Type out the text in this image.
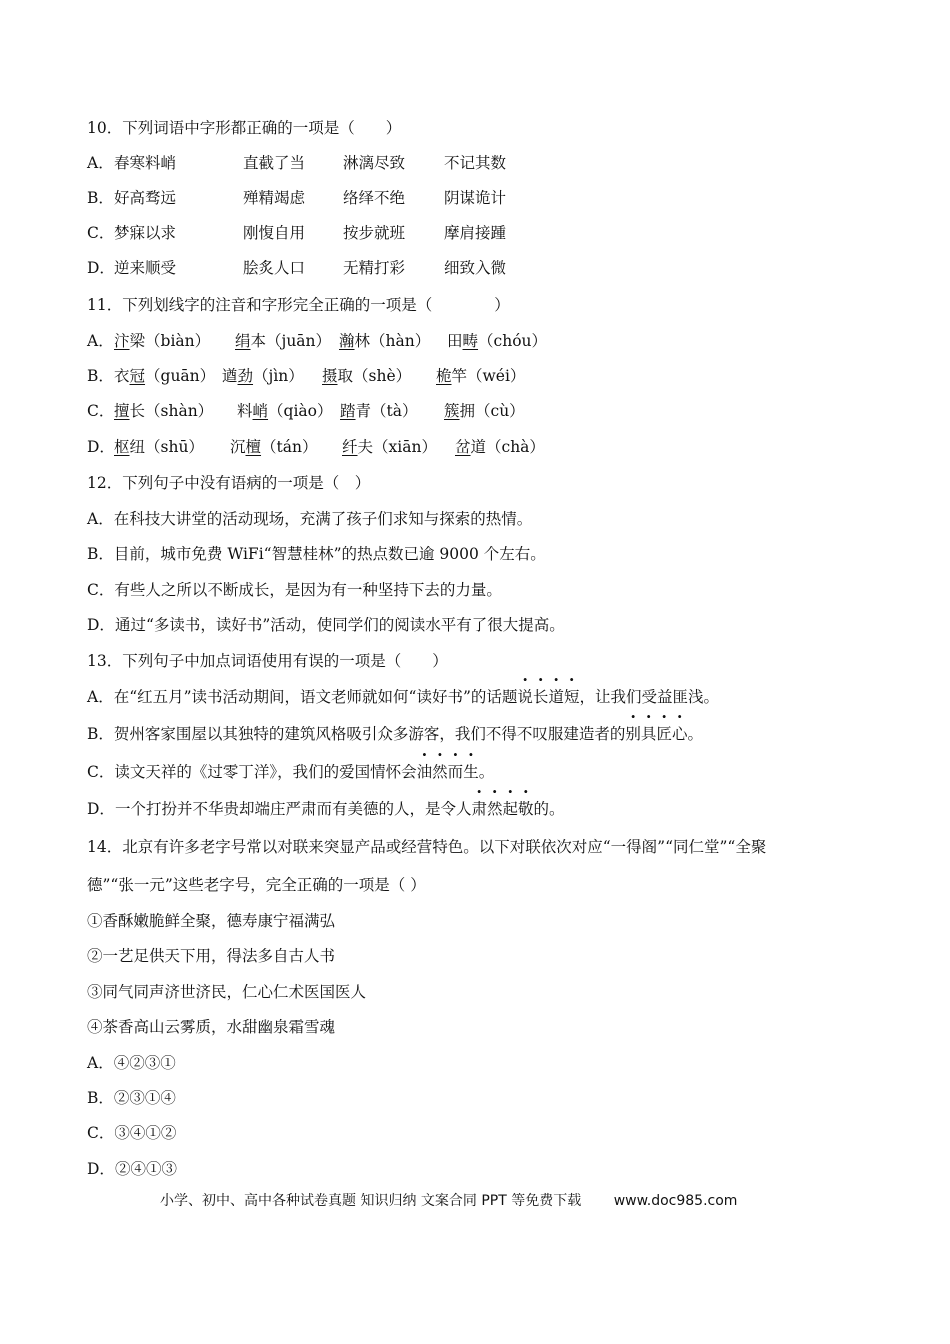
10．下列词语中字形都正确的一项是（　　）
A． 春寒料峭	直截了当 淋漓尽致	不记其数
B． 好高骛远	殚精竭虑 络绎不绝	阴谋诡计
C． 梦寐以求	刚愎自用 按步就班	摩肩接踵
D． 逆来顺受	脍炙人口 无精打彩	细致入微
11．下列划线字的注音和字形完全正确的一项是（　　　　）
A． 汴梁（biàn） 绢本（juān） 瀚林（hàn） 田畴（chóu）
B． 衣冠（guān） 遒劲（jìn） 摄取（shè） 桅竿（wéi）
C． 擅长（shàn） 料峭（qiào） 踏青（tà） 簇拥（cù）
D． 枢纽（shū） 沉檀（tán） 纤夫（xiān） 岔道（chà）
12．下列句子中没有语病的一项是（　）
A．在科技大讲堂的活动现场，充满了孩子们求知与探索的热情。
B．目前，城市免费 WiFi“智慧桂林”的热点数已逾 9000 个左右。
C．有些人之所以不断成长，是因为有一种坚持下去的力量。
D．通过“多读书，读好书”活动，使同学们的阅读水平有了很大提高。
13．下列句子中加点词语使用有误的一项是（　　）
A．在“红五月”读书活动期间，语文老师就如何“读好书”的话题说长道短，让我们受益匪浅。
B．贺州客家围屋以其独特的建筑风格吸引众多游客，我们不得不叹服建造者的别具匠心。
C．读文天祥的《过零丁洋》，我们的爱国情怀会油然而生。
D．一个打扮并不华贵却端庄严肃而有美德的人，是令人肃然起敬的。
14．北京有许多老字号常以对联来突显产品或经营特色。以下对联依次对应“一得阁”“同仁堂”“全聚
德”“张一元”这些老字号，完全正确的一项是（ ）
①香酥嫩脆鲜全聚，德寿康宁福满弘
②一艺足供天下用，得法多自古人书
③同气同声济世济民，仁心仁术医国医人
④茶香高山云雾质，水甜幽泉霜雪魂
A．④②③①
B．②③①④
C．③④①②
D．②④①③
小学、初中、高中各种试卷真题 知识归纳 文案合同 PPT 等免费下载 www.doc985.com
